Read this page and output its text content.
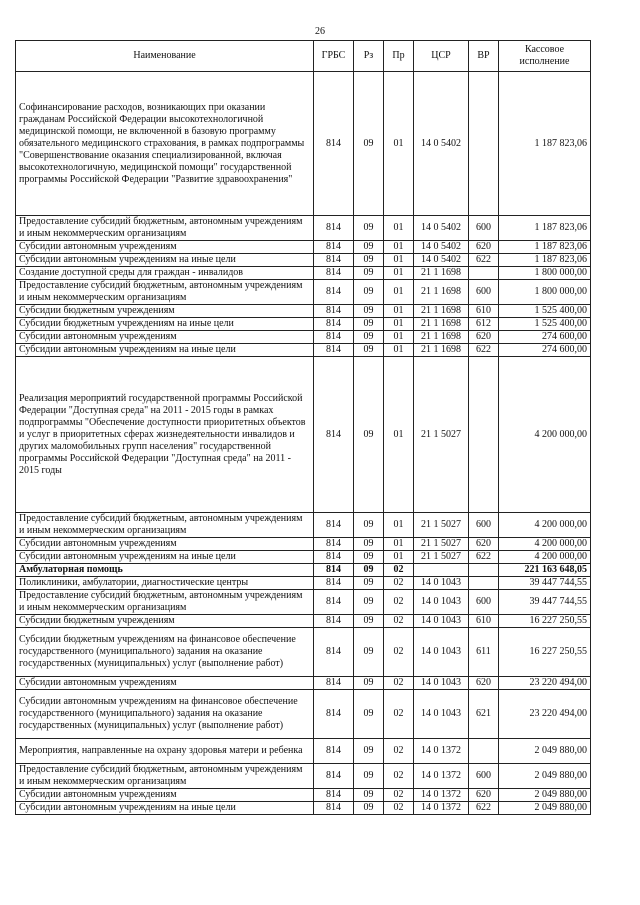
26
Наименование	ГРБС	Рз	Пр	ЦСР	ВР	Кассовое исполнение
Софинансирование расходов, возникающих при оказании гражданам Российской Федерации высокотехнологичной медицинской помощи, не включенной в базовую программу обязательного медицинского страхования, в рамках подпрограммы "Совершенствование оказания специализированной, включая высокотехнологичную, медицинской помощи" государственной программы Российской Федерации "Развитие здравоохранения"	814	09	01	14 0 5402		1 187 823,06
Предоставление субсидий бюджетным, автономным учреждениям и иным некоммерческим организациям	814	09	01	14 0 5402	600	1 187 823,06
Субсидии автономным учреждениям	814	09	01	14 0 5402	620	1 187 823,06
Субсидии автономным учреждениям на иные цели	814	09	01	14 0 5402	622	1 187 823,06
Создание доступной среды для граждан - инвалидов	814	09	01	21 1 1698		1 800 000,00
Предоставление субсидий бюджетным, автономным учреждениям и иным некоммерческим организациям	814	09	01	21 1 1698	600	1 800 000,00
Субсидии бюджетным учреждениям	814	09	01	21 1 1698	610	1 525 400,00
Субсидии бюджетным учреждениям на иные цели	814	09	01	21 1 1698	612	1 525 400,00
Субсидии автономным учреждениям	814	09	01	21 1 1698	620	274 600,00
Субсидии автономным учреждениям на иные цели	814	09	01	21 1 1698	622	274 600,00
Реализация мероприятий государственной программы Российской Федерации "Доступная среда" на 2011 - 2015 годы в рамках подпрограммы "Обеспечение доступности приоритетных объектов и услуг в приоритетных сферах жизнедеятельности инвалидов и других маломобильных групп населения" государственной программы Российской Федерации "Доступная среда" на 2011 - 2015 годы	814	09	01	21 1 5027		4 200 000,00
Предоставление субсидий бюджетным, автономным учреждениям и иным некоммерческим организациям	814	09	01	21 1 5027	600	4 200 000,00
Субсидии автономным учреждениям	814	09	01	21 1 5027	620	4 200 000,00
Субсидии автономным учреждениям на иные цели	814	09	01	21 1 5027	622	4 200 000,00
Амбулаторная помощь	814	09	02			221 163 648,05
Поликлиники, амбулатории, диагностические центры	814	09	02	14 0 1043		39 447 744,55
Предоставление субсидий бюджетным, автономным учреждениям и иным некоммерческим организациям	814	09	02	14 0 1043	600	39 447 744,55
Субсидии бюджетным учреждениям	814	09	02	14 0 1043	610	16 227 250,55
Субсидии бюджетным учреждениям на финансовое обеспечение государственного (муниципального) задания на оказание государственных (муниципальных) услуг (выполнение работ)	814	09	02	14 0 1043	611	16 227 250,55
Субсидии автономным учреждениям	814	09	02	14 0 1043	620	23 220 494,00
Субсидии автономным учреждениям на финансовое обеспечение государственного (муниципального) задания на оказание государственных (муниципальных) услуг (выполнение работ)	814	09	02	14 0 1043	621	23 220 494,00
Мероприятия, направленные на охрану здоровья матери и ребенка	814	09	02	14 0 1372		2 049 880,00
Предоставление субсидий бюджетным, автономным учреждениям и иным некоммерческим организациям	814	09	02	14 0 1372	600	2 049 880,00
Субсидии автономным учреждениям	814	09	02	14 0 1372	620	2 049 880,00
Субсидии автономным учреждениям на иные цели	814	09	02	14 0 1372	622	2 049 880,00
